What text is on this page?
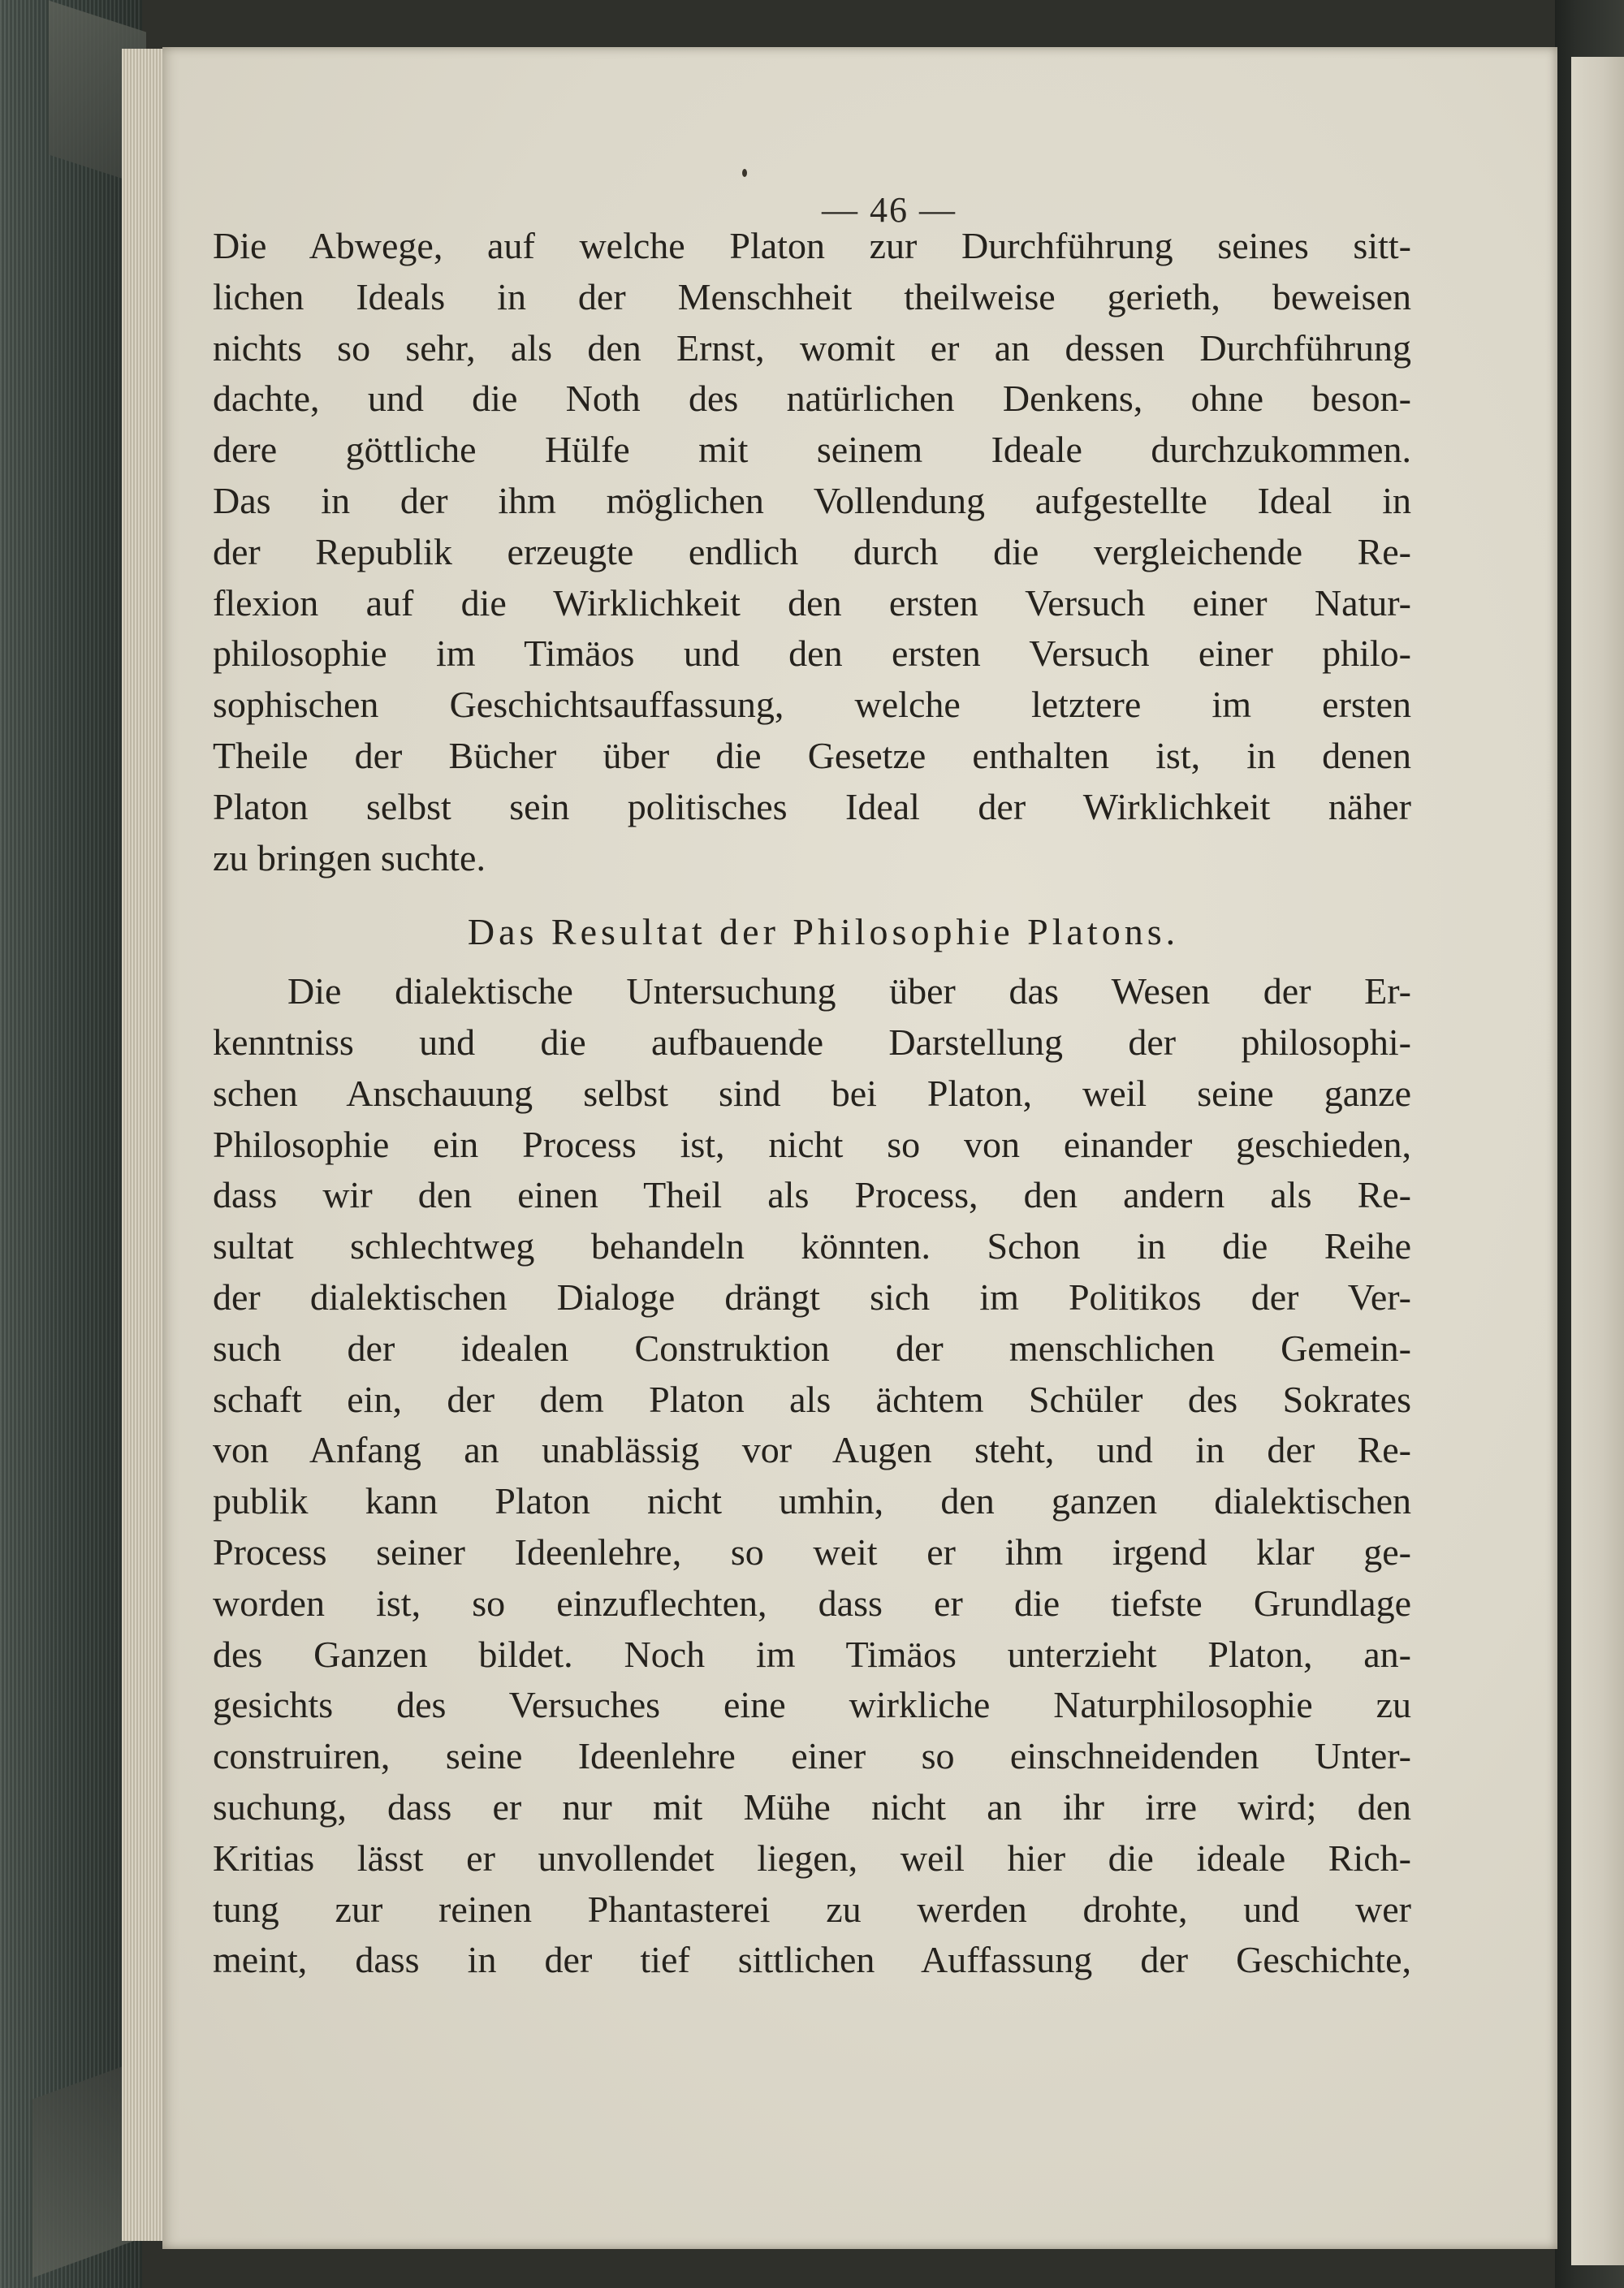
— 46 —
Die Abwege, auf welche Platon zur Durchführung seines sitt-
lichen Ideals in der Menschheit theilweise gerieth, beweisen
nichts so sehr, als den Ernst, womit er an dessen Durchführung
dachte, und die Noth des natürlichen Denkens, ohne beson-
dere göttliche Hülfe mit seinem Ideale durchzukommen.
Das in der ihm möglichen Vollendung aufgestellte Ideal in
der Republik erzeugte endlich durch die vergleichende Re-
flexion auf die Wirklichkeit den ersten Versuch einer Natur-
philosophie im Timäos und den ersten Versuch einer philo-
sophischen Geschichtsauffassung, welche letztere im ersten
Theile der Bücher über die Gesetze enthalten ist, in denen
Platon selbst sein politisches Ideal der Wirklichkeit näher
zu bringen suchte.
Das Resultat der Philosophie Platons.
Die dialektische Untersuchung über das Wesen der Er-
kenntniss und die aufbauende Darstellung der philosophi-
schen Anschauung selbst sind bei Platon, weil seine ganze
Philosophie ein Process ist, nicht so von einander geschieden,
dass wir den einen Theil als Process, den andern als Re-
sultat schlechtweg behandeln könnten. Schon in die Reihe
der dialektischen Dialoge drängt sich im Politikos der Ver-
such der idealen Construktion der menschlichen Gemein-
schaft ein, der dem Platon als ächtem Schüler des Sokrates
von Anfang an unablässig vor Augen steht, und in der Re-
publik kann Platon nicht umhin, den ganzen dialektischen
Process seiner Ideenlehre, so weit er ihm irgend klar ge-
worden ist, so einzuflechten, dass er die tiefste Grundlage
des Ganzen bildet. Noch im Timäos unterzieht Platon, an-
gesichts des Versuches eine wirkliche Naturphilosophie zu
construiren, seine Ideenlehre einer so einschneidenden Unter-
suchung, dass er nur mit Mühe nicht an ihr irre wird; den
Kritias lässt er unvollendet liegen, weil hier die ideale Rich-
tung zur reinen Phantasterei zu werden drohte, und wer
meint, dass in der tief sittlichen Auffassung der Geschichte,
